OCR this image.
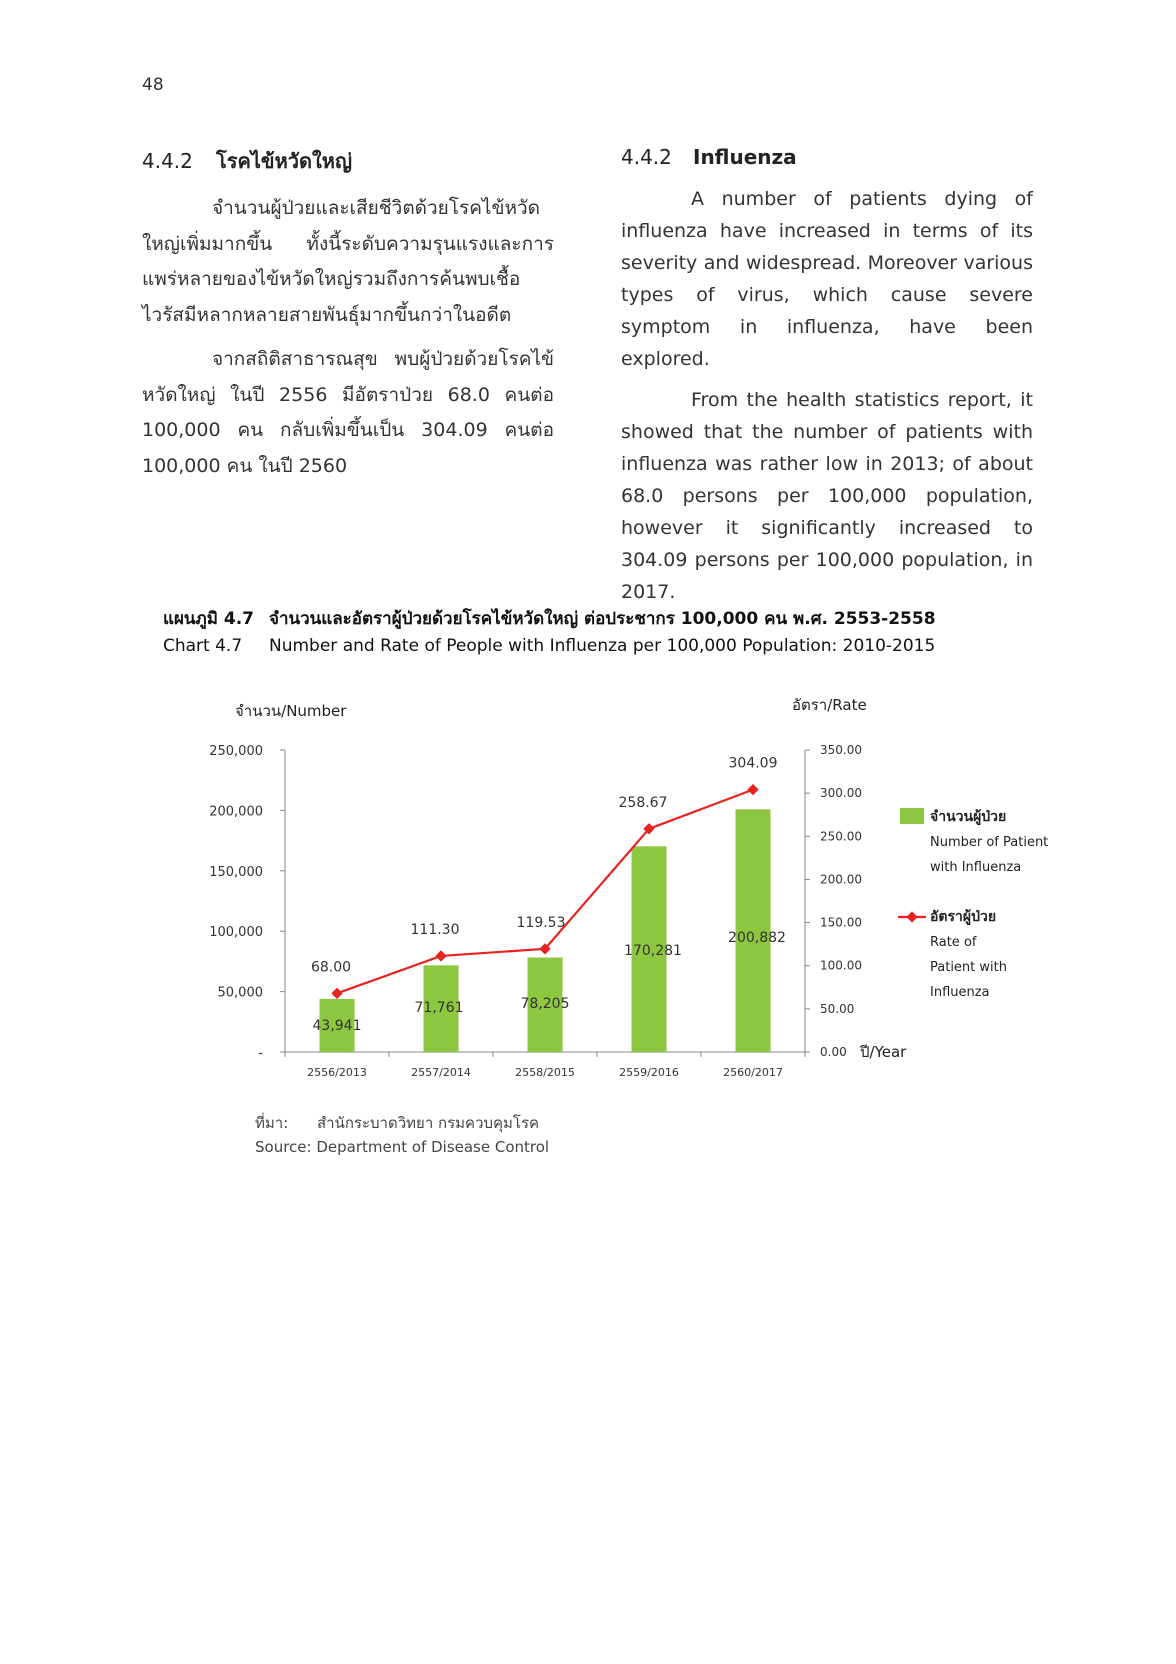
48
4.4.2 โรคไข้หวัดใหญ่

จำนวนผู้ป่วยและเสียชีวิตด้วยโรคไข้หวัดใหญ่เพิ่มมากขึ้น ทั้งนี้ระดับความรุนแรงและการแพร่หลายของไข้หวัดใหญ่รวมถึงการค้นพบเชื้อไวรัสมีหลากหลายสายพันธุ์มากขึ้นกว่าในอดีต

จากสถิติสาธารณสุข พบผู้ป่วยด้วยโรคไข้หวัดใหญ่ ในปี 2556 มีอัตราป่วย 68.0 คนต่อ 100,000 คน กลับเพิ่มขึ้นเป็น 304.09 คนต่อ 100,000 คน ในปี 2560

4.4.2 Influenza

A number of patients dying of influenza have increased in terms of its severity and widespread. Moreover various types of virus, which cause severe symptom in influenza, have been explored.

From the health statistics report, it showed that the number of patients with influenza was rather low in 2013; of about 68.0 persons per 100,000 population, however it significantly increased to 304.09 persons per 100,000 population, in 2017.

แผนภูมิ 4.7 จำนวนและอัตราผู้ป่วยด้วยโรคไข้หวัดใหญ่ ต่อประชากร 100,000 คน พ.ศ. 2553-2558
Chart 4.7 Number and Rate of People with Influenza per 100,000 Population: 2010-2015
จำนวน/Number	อัตรา/Rate
-
50,000
100,000
150,000
200,000
250,000
0.00
50.00
100.00
150.00
200.00
250.00
300.00
350.00
2556/2013	2557/2014	2558/2015	2559/2016	2560/2017
ปี/Year
43,941
71,761	78,205
170,281
200,882
68.00
111.30	119.53
258.67
304.09
จำนวนผู้ป่วย
Number of Patient
with Influenza
อัตราผู้ป่วย
Rate of
Patient with
Influenza
ที่มา: สำนักระบาดวิทยา กรมควบคุมโรค
Source: Department of Disease Control
